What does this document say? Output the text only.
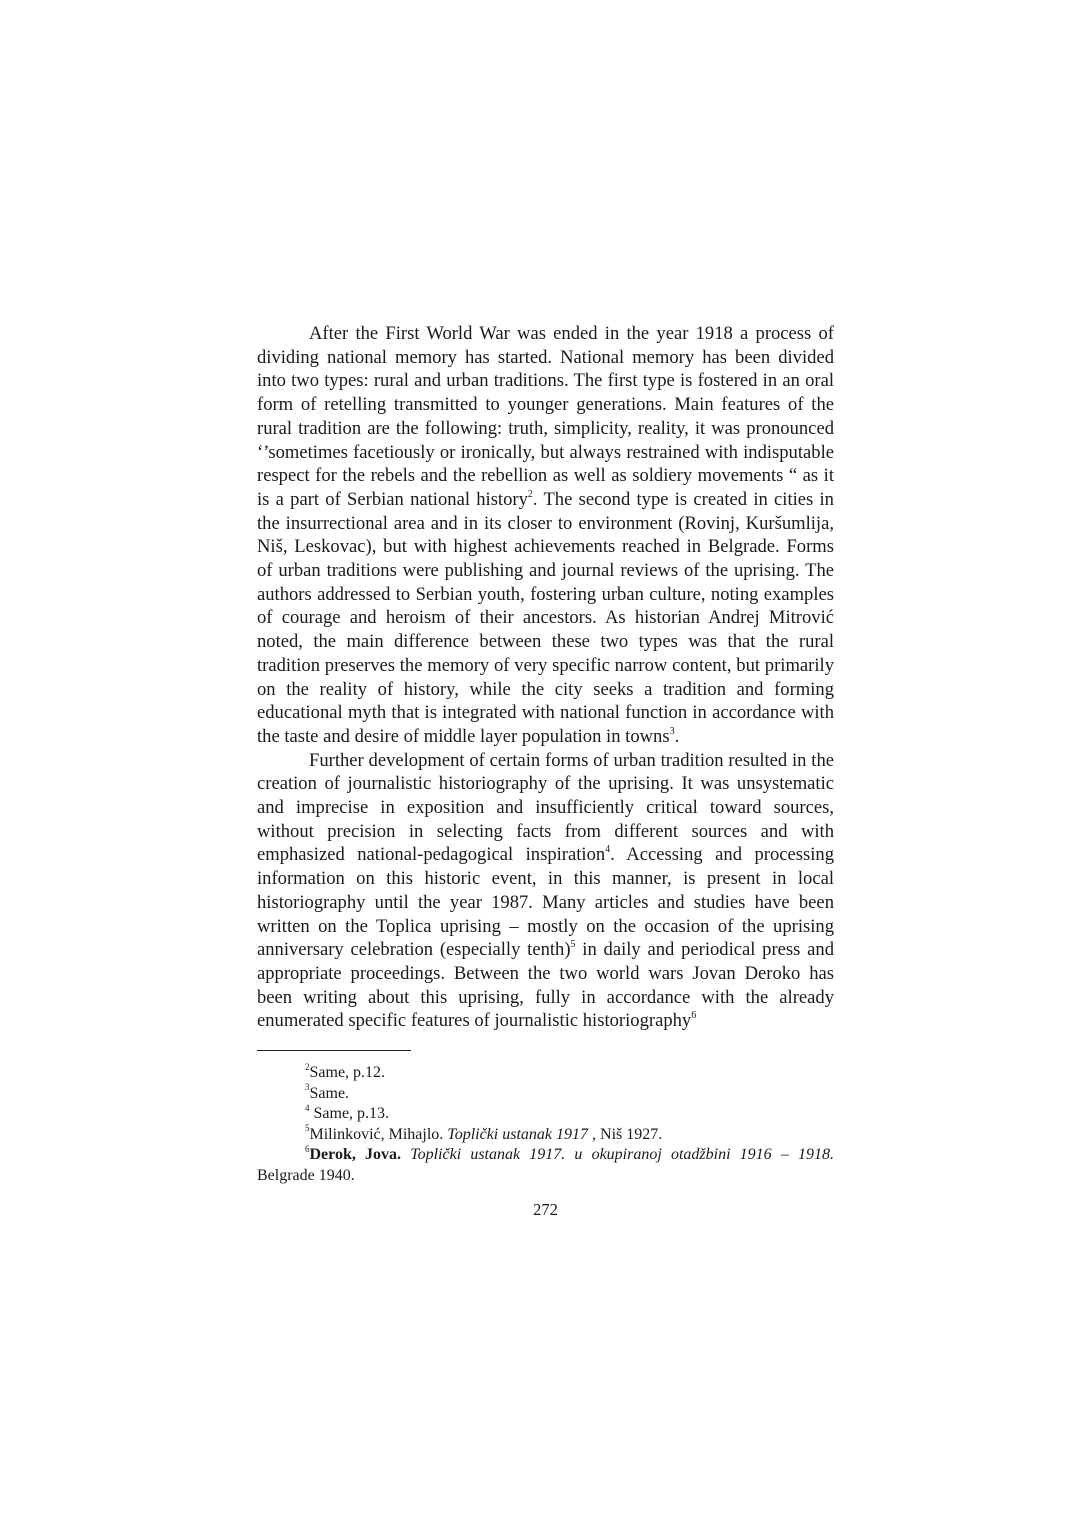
After the First World War was ended in the year 1918 a process of dividing national memory has started. National memory has been divided into two types: rural and urban traditions. The first type is fostered in an oral form of retelling transmitted to younger generations. Main features of the rural tradition are the following: truth, simplicity, reality, it was pronounced ‘’sometimes facetiously or ironically, but always restrained with indisputable respect for the rebels and the rebellion as well as soldiery movements “ as it is a part of Serbian national history$^2$. The second type is created in cities in the insurrectional area and in its closer to environment (Rovinj, Kuršumlija, Niš, Leskovac), but with highest achievements reached in Belgrade. Forms of urban traditions were publishing and journal reviews of the uprising. The authors addressed to Serbian youth, fostering urban culture, noting examples of courage and heroism of their ancestors. As historian Andrej Mitrović noted, the main difference between these two types was that the rural tradition preserves the memory of very specific narrow content, but primarily on the reality of history, while the city seeks a tradition and forming educational myth that is integrated with national function in accordance with the taste and desire of middle layer population in towns$^3$.

Further development of certain forms of urban tradition resulted in the creation of journalistic historiography of the uprising. It was unsystematic and imprecise in exposition and insufficiently critical toward sources, without precision in selecting facts from different sources and with emphasized national-pedagogical inspiration$^4$. Accessing and processing information on this historic event, in this manner, is present in local historiography until the year 1987. Many articles and studies have been written on the Toplica uprising – mostly on the occasion of the uprising anniversary celebration (especially tenth)$^5$ in daily and periodical press and appropriate proceedings. Between the two world wars Jovan Deroko has been writing about this uprising, fully in accordance with the already enumerated specific features of journalistic historiography$^6$

$^2$Same, p.12.

$^3$Same.

$^4$ Same, p.13.

$^5$Milinković, Mihajlo. Toplički ustanak 1917 , Niš 1927.

$^6$Derok, Jova. Toplički ustanak 1917. u okupiranoj otadžbini 1916 – 1918. Belgrade 1940.

272
